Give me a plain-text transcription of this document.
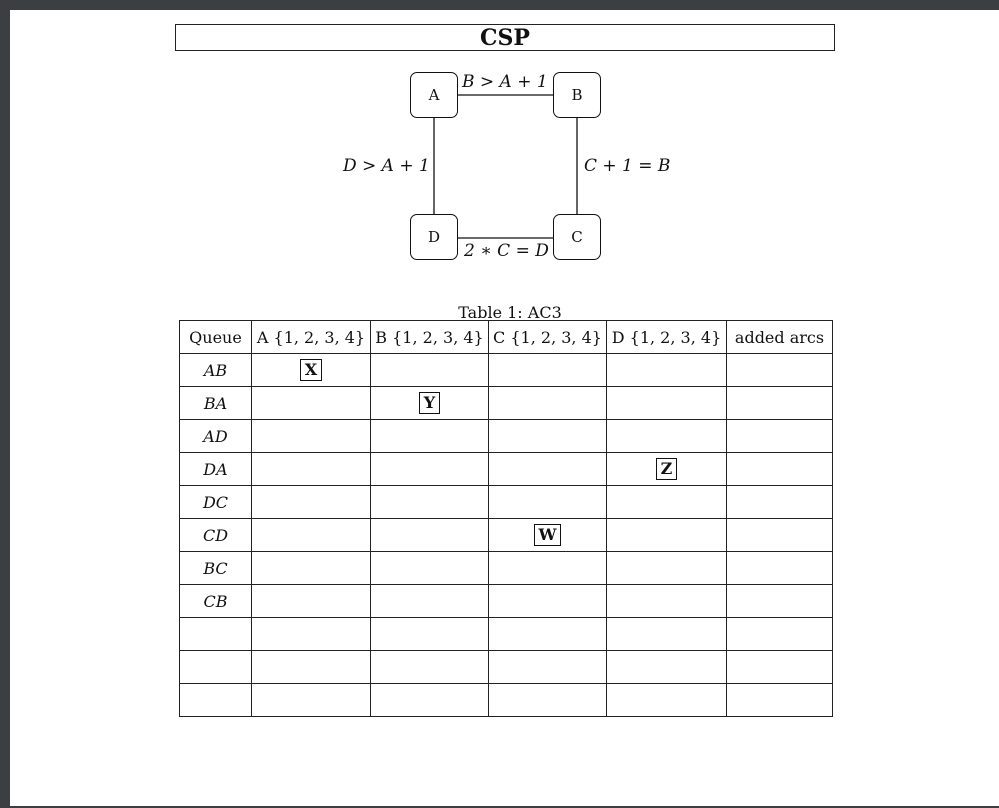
CSP
A	B
C
D
B > A + 1
C + 1 = B
2 ∗ C = D
D > A + 1
Table 1: AC3
Queue	A {1, 2, 3, 4}	B {1, 2, 3, 4}	C {1, 2, 3, 4}	D {1, 2, 3, 4}	added arcs
AB	X				
BA		Y			
AD					
DA				Z	
DC					
CD			W		
BC					
CB					
